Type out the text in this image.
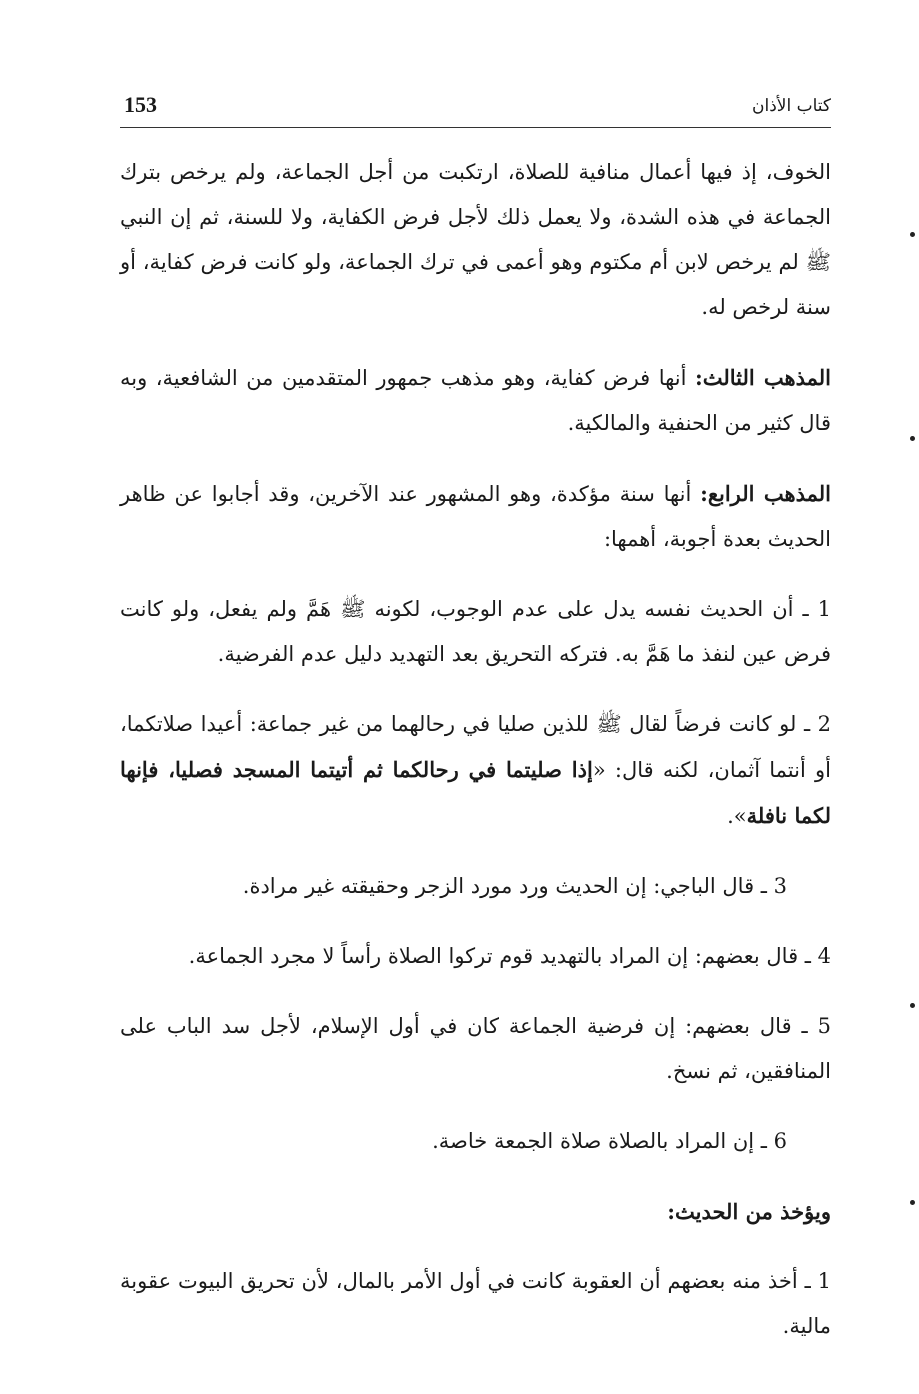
153	كتاب الأذان

الخوف، إذ فيها أعمال منافية للصلاة، ارتكبت من أجل الجماعة، ولم يرخص بترك الجماعة في هذه الشدة، ولا يعمل ذلك لأجل فرض الكفاية، ولا للسنة، ثم إن النبي ﷺ لم يرخص لابن أم مكتوم وهو أعمى في ترك الجماعة، ولو كانت فرض كفاية، أو سنة لرخص له.

المذهب الثالث: أنها فرض كفاية، وهو مذهب جمهور المتقدمين من الشافعية، وبه قال كثير من الحنفية والمالكية.

المذهب الرابع: أنها سنة مؤكدة، وهو المشهور عند الآخرين، وقد أجابوا عن ظاهر الحديث بعدة أجوبة، أهمها:

1 ـ أن الحديث نفسه يدل على عدم الوجوب، لكونه ﷺ هَمَّ ولم يفعل، ولو كانت فرض عين لنفذ ما هَمَّ به. فتركه التحريق بعد التهديد دليل عدم الفرضية.

2 ـ لو كانت فرضاً لقال ﷺ للذين صليا في رحالهما من غير جماعة: أعيدا صلاتكما، أو أنتما آثمان، لكنه قال: «إذا صليتما في رحالكما ثم أتيتما المسجد فصليا، فإنها لكما نافلة».

3 ـ قال الباجي: إن الحديث ورد مورد الزجر وحقيقته غير مرادة.

4 ـ قال بعضهم: إن المراد بالتهديد قوم تركوا الصلاة رأساً لا مجرد الجماعة.

5 ـ قال بعضهم: إن فرضية الجماعة كان في أول الإسلام، لأجل سد الباب على المنافقين، ثم نسخ.

6 ـ إن المراد بالصلاة صلاة الجمعة خاصة.

ويؤخذ من الحديث:

1 ـ أخذ منه بعضهم أن العقوبة كانت في أول الأمر بالمال، لأن تحريق البيوت عقوبة مالية.
